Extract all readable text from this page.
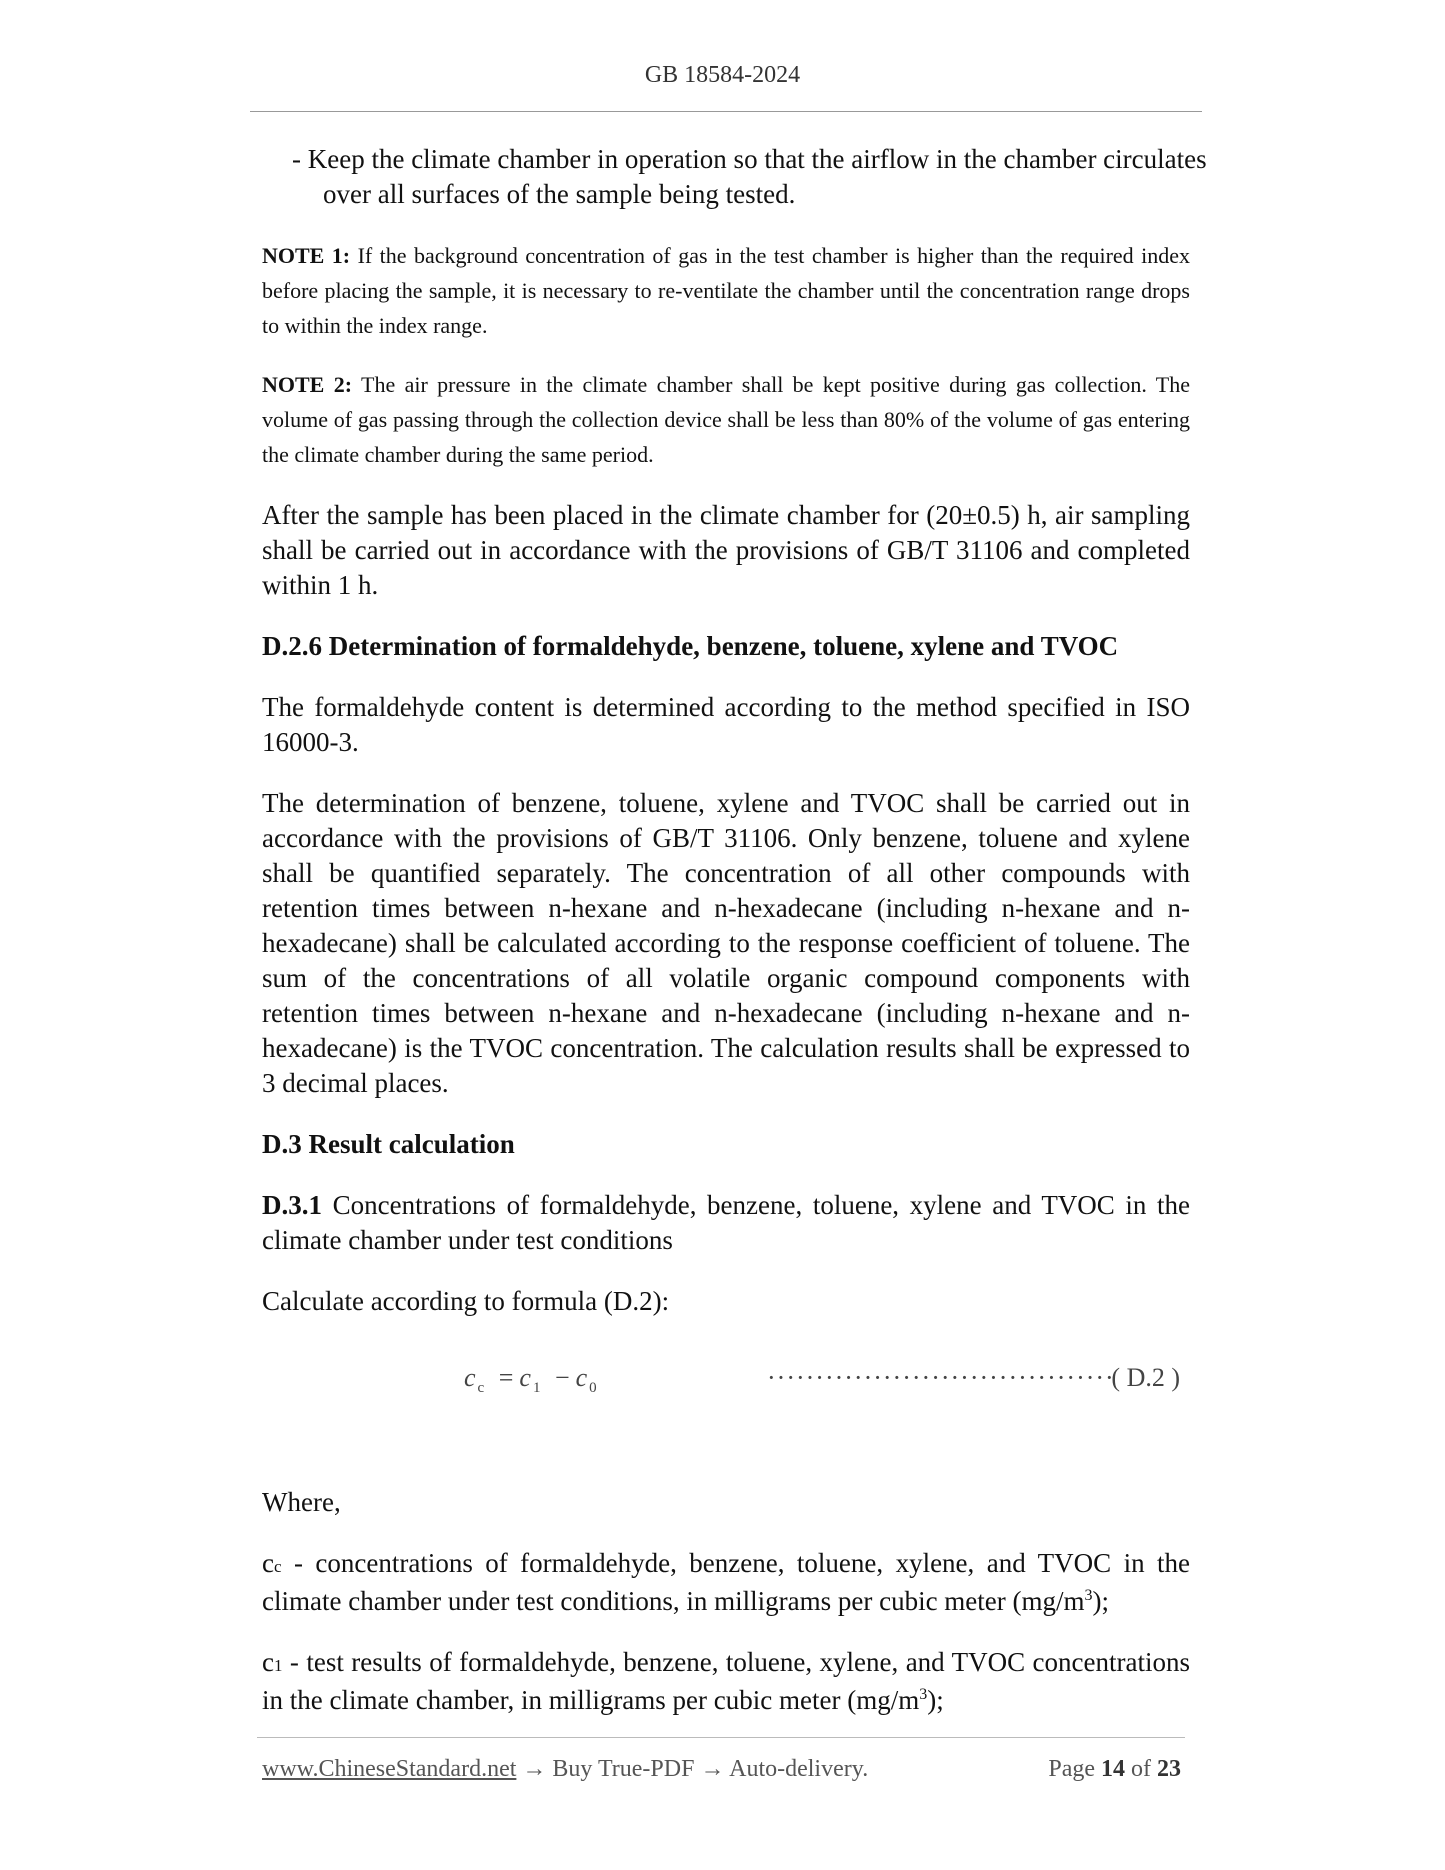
GB 18584-2024

- Keep the climate chamber in operation so that the airflow in the chamber circulates over all surfaces of the sample being tested.

NOTE 1: If the background concentration of gas in the test chamber is higher than the required index before placing the sample, it is necessary to re-ventilate the chamber until the concentration range drops to within the index range.

NOTE 2: The air pressure in the climate chamber shall be kept positive during gas collection. The volume of gas passing through the collection device shall be less than 80% of the volume of gas entering the climate chamber during the same period.

After the sample has been placed in the climate chamber for (20±0.5) h, air sampling shall be carried out in accordance with the provisions of GB/T 31106 and completed within 1 h.

D.2.6 Determination of formaldehyde, benzene, toluene, xylene and TVOC

The formaldehyde content is determined according to the method specified in ISO 16000-3.

The determination of benzene, toluene, xylene and TVOC shall be carried out in accordance with the provisions of GB/T 31106. Only benzene, toluene and xylene shall be quantified separately. The concentration of all other compounds with retention times between n-hexane and n-hexadecane (including n-hexane and n-hexadecane) shall be calculated according to the response coefficient of toluene. The sum of the concentrations of all volatile organic compound components with retention times between n-hexane and n-hexadecane (including n-hexane and n-hexadecane) is the TVOC concentration. The calculation results shall be expressed to 3 decimal places.

D.3 Result calculation

D.3.1 Concentrations of formaldehyde, benzene, toluene, xylene and TVOC in the climate chamber under test conditions

Calculate according to formula (D.2):

$c_c = c_1 - c_0$	····································
( D.2 )

Where,

cc - concentrations of formaldehyde, benzene, toluene, xylene, and TVOC in the climate chamber under test conditions, in milligrams per cubic meter $(mg/m^3)$;

c1 - test results of formaldehyde, benzene, toluene, xylene, and TVOC concentrations in the climate chamber, in milligrams per cubic meter $(mg/m^3)$;

www.ChineseStandard.net → Buy True-PDF → Auto-delivery.	Page 14 of 23
